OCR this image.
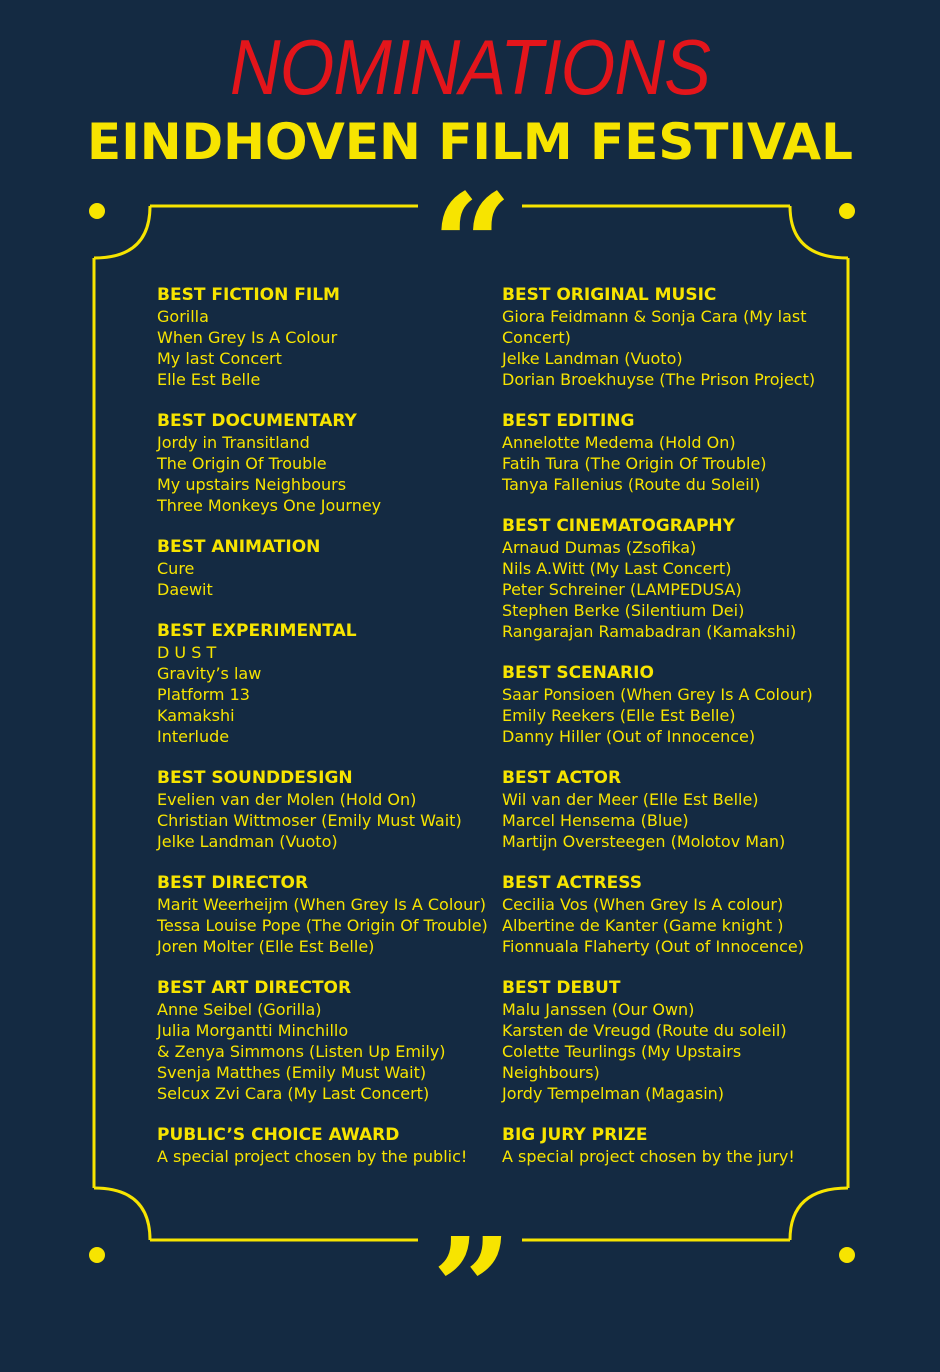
NOMINATIONS
EINDHOVEN FILM FESTIVAL
“
”
BEST FICTION FILM
Gorilla
When Grey Is A Colour
My last Concert
Elle Est Belle
BEST DOCUMENTARY
Jordy in Transitland
The Origin Of Trouble
My upstairs Neighbours
Three Monkeys One Journey
BEST ANIMATION
Cure
Daewit
BEST EXPERIMENTAL
D U S T
Gravity’s law
Platform 13
Kamakshi
Interlude
BEST SOUNDDESIGN
Evelien van der Molen (Hold On)
Christian Wittmoser (Emily Must Wait)
Jelke Landman (Vuoto)
BEST DIRECTOR
Marit Weerheijm (When Grey Is A Colour)
Tessa Louise Pope (The Origin Of Trouble)
Joren Molter (Elle Est Belle)
BEST ART DIRECTOR
Anne Seibel (Gorilla)
Julia Morgantti Minchillo
& Zenya Simmons (Listen Up Emily)
Svenja Matthes (Emily Must Wait)
Selcux Zvi Cara (My Last Concert)
PUBLIC’S CHOICE AWARD
A special project chosen by the public!
BEST ORIGINAL MUSIC
Giora Feidmann & Sonja Cara (My last
Concert)
Jelke Landman (Vuoto)
Dorian Broekhuyse (The Prison Project)
BEST EDITING
Annelotte Medema (Hold On)
Fatih Tura (The Origin Of Trouble)
Tanya Fallenius (Route du Soleil)
BEST CINEMATOGRAPHY
Arnaud Dumas (Zsofika)
Nils A.Witt (My Last Concert)
Peter Schreiner (LAMPEDUSA)
Stephen Berke (Silentium Dei)
Rangarajan Ramabadran (Kamakshi)
BEST SCENARIO
Saar Ponsioen (When Grey Is A Colour)
Emily Reekers (Elle Est Belle)
Danny Hiller (Out of Innocence)
BEST ACTOR
Wil van der Meer (Elle Est Belle)
Marcel Hensema (Blue)
Martijn Oversteegen (Molotov Man)
BEST ACTRESS
Cecilia Vos (When Grey Is A colour)
Albertine de Kanter (Game knight )
Fionnuala Flaherty (Out of Innocence)
BEST DEBUT
Malu Janssen (Our Own)
Karsten de Vreugd (Route du soleil)
Colette Teurlings (My Upstairs
Neighbours)
Jordy Tempelman (Magasin)
BIG JURY PRIZE
A special project chosen by the jury!
